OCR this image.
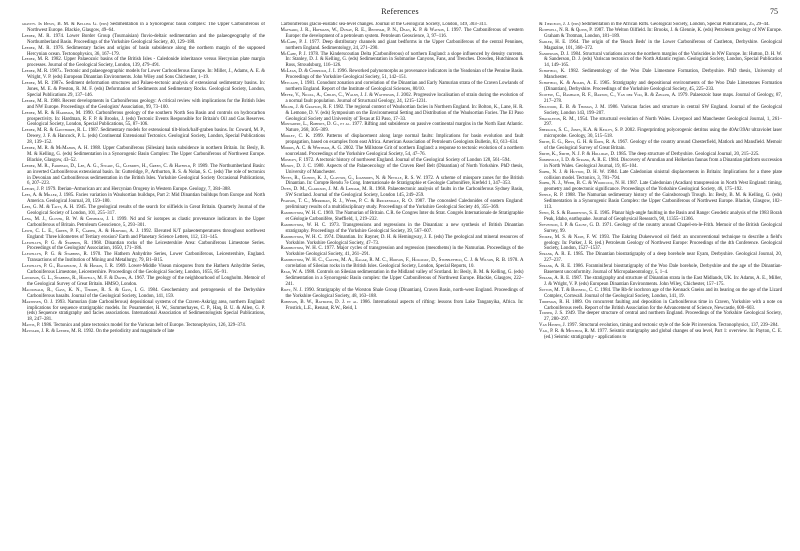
References	75

gravıty. In Besly, B. M. & Kelling G. (eds) Sedimentation in a Synorogenic basin complex: The Upper Carboniferous of Northwest Europe. Blackie, Glasgow, 49–64.

Leeder, M. R. 1974. Lower Border Group (Tournaisian) fluvio-deltaic sedimentation and the palaeogeography of the Northumberland Basin. Proceedings of the Yorkshire Geological Society, 40, 129–180.

Leeder, M. R. 1976. Sedimentary facies and origins of basin subsidence along the northern margin of the supposed Hercynian ocean. Tectonophysics, 36, 167–179.

Leeder, M. R. 1982. Upper Palaeozoic basins of the British Isles - Caledonide inheritance versus Hercynian plate margin processes. Journal of the Geological Society, London, 139, 479–491.

Leeder, M. R. 1987a. Tectonic and palaeogeographic models for Lower Carboniferous Europe. In: Miller, J., Adams, A. E. & Wright, V. P. (eds) European Dinantian Environments. John Wiley and Sons Chichester, 1–19.

Leeder, M. R. 1987b. Sediment deformation structures and Palaeo-tectonic analysis of extensional sedimentary basins. In: Jones, M. E. & Preston, R. M. F. (eds) Deformation of Sediments and Sedimentary Rocks. Geological Society, London, Special Publications 29, 137–146.

Leeder, M. R. 1988. Recent developments in Carboniferous geology: A critical review with implications for the British Isles and NW Europe. Proceedings of the Geologists' Association, 99, 73–100.

Leeder, M. R. & Hardman, M. 1990. Carboniferous geology of the southern North Sea Basin and controls on hydrocarbon prospectivity. In: Hardman, R. F. P. & Brooks, J. (eds) Tectonic Events Responsible for Britain's Oil and Gas Reserves. Geological Society, London, Special Publications, 55, 87–106.

Leeder, M. R. & Gawthorpe, R. L. 1987. Sedimentary models for extensional tilt-block/half-graben basins. In: Coward, M. P., Dewey, J. F. & Hancock, P. L. (eds) Continental Extensional Tectonics. Geological Society, London, Special Publications 28, 139–152.

Leeder, M. R. & McMahon, A. H. 1988. Upper Carboniferous (Silesian) basin subsidence in northern Britain. In: Besly, B. M. & Kelling, G. (eds) Sedimentation in a Synorogenic Basin Complex: The Upper Carboniferous of Northwest Europe. Blackie, Glasgow, 43–52.

Leeder, M. R., Fairhead, D., Lee, A. G., Stuart, G., Clemmey, H., Green, C. & Hatfield, P. 1989. The Northumberland Basin: an inverted Carboniferous extensional basin. In: Gutteridge, P., Arthurton, R. S. & Nolan, S. C. (eds) The role of tectonics in Devonian and Carboniferous sedimentation in the British Isles. Yorkshire Geological Society Occasional Publications, 6, 207–223.

Lefort, J. P. 1979. Iberian–Armorican arc and Hercynian Orogeny in Western Europe. Geology, 7, 384–388.

Lees, A. & Miller, J. 1985. Facies variation in Waulsortian buildups, Part 2: Mid Dinantian buildups from Europe and North America. Geological Journal, 20, 159–180.

Lees, G. M. & Taitt, A. H. 1945. The geological results of the search for oilfields in Great Britain. Quarterly Journal of the Geological Society of London, 101, 255–317.

Leng, M. J., Glover, B. W. & Chisholm, J. I. 1999. Nd and Sr isotopes as clastic provenance indicators in the Upper Carboniferous of Britain. Petroleum Geoscience, 5, 293–301.

Lewis, C. L. E., Green, P. F., Carter, A. & Hurford, A. J. 1992. Elevated K/T palaeotemperatures throughout northwest England: Three kilometres of Tertiary erosion? Earth and Planetary Science Letters, 112, 131–145.

Llewellyn, P. G. & Stabbins, R. 1968. Dinantian rocks of the Leicestershire Area: Carboniferous Limestone Series. Proceedings of the Geologists' Association, 1650, 171–186.

Llewellyn, P. G. & Stabbins, R. 1970. The Hathern Anhydrite Series, Lower Carboniferous, Leicestershire, England. Transactions of the Institution of Mining and Metallurgy, 79, B1–B15.

Llewellyn, P. G., Backhouse, J. & Hoskin, I. R. 1969. Lower-Middle Visean miospores from the Hathern Anhydrite Series, Carboniferous Limestone, Leicestershire. Proceedings of the Geological Society, London, 1655, 85–91.

Lowrison, G. L., Stabbins, R., Howells, M. F. & Davies, A. 1967. The geology of the neighbourhood of Longholm. Memoir of the Geological Survey of Great Britain. HMSO, London.

Macdonald, R., Gass, K. N., Thorpe, R. S. & Gass, I. G. 1984. Geochemistry and petrogenesis of the Derbyshire Carboniferous basalts. Journal of the Geological Society, London, 141, 159.

Martinsen, O. J. 1993. Namurian (late Carboniferous) depositional systems of the Craven-Askrigg area, northern England: implications for sequence stratigraphic models. In: Posamentier, H. W., Summerhayes, C. P., Haq, B. U. & Allen, G. P. (eds) Sequence stratigraphy and facies associations. International Association of Sedimentologists Special Publications, 18, 247–281.

Mattis, P. 1986. Tectonics and plate tectonics model for the Variscan belt of Europe. Tectonophysics, 126, 329–374.

Maynard, J. R. & Leeder, M. R. 1992. On the periodicity and magnitude of late

Carboniferous glacio-eustatic sea-level changes. Journal of the Geological Society, London, 149, 303–311.

Maynard, J. R., Hofmann, W., Dunay, R. E., Bentham, P. N., Dean, K. P. & Watson, I. 1997. The Carboniferous of western Europe: the development of a petroleum system. Petroleum Geoscience, 3, 97–116.

McCabe, P. J. 1977. Deep distributary channels and giant bedforms in the Upper Carboniferous of the central Pennines, northern England. Sedimentology, 24, 271–290.

McCabe, P. J. 1978. The Kinderscoutian Delta (Carboniferous) of northern England: a slope influenced by density currents. In: Stanley, D. J. & Kelling, G. (eds) Sedimentation in Submarine Canyons, Fans, and Trenches. Dowden, Hutchinson & Ross, Stroudsburg, 116–126.

McLean, D. & Chisholm, J. I. 1996. Reworked palynomorphs as provenance indicators in the Yeadonian of the Pennine Basin. Proceedings of the Yorkshire Geological Society, 51, 142–151.

Metcalfe, I. 1981. Conodont zonation and correlation of the Dinantian and Early Namurian strata of the Craven Lowlands of northern England. Report of the Institute of Geological Sciences, 80/10.

Meyer, V., Nicoll, A., Childs, C., Walsh, J. J. & Watterson, J. 2002. Progressive localisation of strain during the evolution of a normal fault population. Journal of Structural Geology, 24, 1215–1231.

Miller, J. & Grayson, R. F. 1982. The regional context of Waulsortian facies in Northern England. In: Bolton, K., Lane, H. R. & Lemone, D. V. (eds) Symposium on the Environmental Setting and Distribution of the Waulsortian Facies. The El Paso Geological Society and University of Texas at El Paso, 17–33.

Montadert, L., Roberts, D. G., et al. 1977. Rifting and subsidence on passive continental margins in the North East Atlantic. Nature, 268, 305–309.

Morley, C. K. 1999. Patterns of displacement along large normal faults: Implications for basin evolution and fault propagation, based on examples from east Africa. American Association of Petroleum Geologists Bulletin, 83, 613–634.

Morris, A. C. & Whitham, A. G. 2002. The Millstone Grit of northern England: a response to tectonic evolution of a northern sourceland. Proceedings of the Yorkshire Geological Society, 54, 47–76.

Moseley, F. 1972. A tectonic history of northwest England. Journal of the Geological Society of London 128, 561–594.

Mundy, D. J. C. 1980. Aspects of the Palaeoecology of the Craven Reef Belt (Dinantian) of North Yorkshire. PhD thesis, University of Manchester.

Neves, R., Gueinn, K. J., Clayton, G., Ioannides, N. & Neville, R. S. W. 1972. A scheme of miospore zones for the British Dinantian. In: Compte Rendu 7e Cong. Internationale de Stratigraphie et Geologie Carbonifère, Krefeld 1, 347–353.

Owen, D. M., Clarkson, J. M. & Leedam, M. R. 1968. Palaeotectonic analysis of faults in the Carboniferous Sydney Basin, SW Scotland. Journal of the Geological Society, London 145, 249–259.

Pearson, T. C., Merriman, R. J., Webb, P. C. & Brickendale, R. O. 1987. The concealed Caledonides of eastern England: preliminary results of a multidisciplinary study. Proceedings of the Yorkshire Geological Society 46, 355–369.

Ramsbottom, W. H. C. 1969. The Namurian of Britain. C.R. 6e Congres Inter du Strat. Congrès Internationale de Stratigraphie et Géologie Carbonifère, Sheffield, 1, 219–232.

Ramsbottom, W. H. C. 1973. Transgressions and regressions in the Dinantian: a new synthesis of British Dinantian stratigraphy. Proceedings of the Yorkshire Geological Society, 39, 567–607.

Ramsbottom, W. H. C. 1974. Dinantian. In: Rayner, D. H. & Hemingway, J. E. (eds) The geological and mineral resources of Yorkshire. Yorkshire Geological Society, 47–73.

Ramsbottom, W. H. C. 1977. Major cycles of transgression and regression (mesothems) in the Namurian. Proceedings of the Yorkshire Geological Society, 41, 261–291.

Ramsbottom, W. H. C., Calver, M. A., Eagar, R. M. C., Hodson, F., Holliday, D., Stubblefield, C. J. & Wilson, R. B. 1978. A correlation of Silesian rocks in the British Isles. Geological Society, London, Special Reports, 10.

Read, W. A. 1988. Controls on Silesian sedimentation in the Midland valley of Scotland. In: Besly, B. M. & Kelling, G. (eds) Sedimentation in a Synorogenic Basin complex: the Upper Carboniferous of Northwest Europe. Blackie, Glasgow, 222–241.

Riley, N. J. 1990. Stratigraphy of the Worston Shale Group (Dinantian), Craven Basin, north-west England. Proceedings of the Yorkshire Geological Society, 48, 163–188.

Robinson, B. W., Raymond, D. J. et al. 1986. International aspects of rifting: lessons from Lake Tanganyika, Africa. In: Frostick, L.E., Renaut, R.W., Reid, I.

& Tiercelin, J. J. (eds) Sedimentation in the African Rifts. Geological Society, London, Special Publications, 25, 29–44.

Rothwell, N. R. & Quinn, P. 1987. The Welton Oilfield. In: Brooks, J. & Glennie, K. (eds) Petroleum geology of NW Europe. Graham & Trotman, London, 181–189.

Sadler, H. E. 1964. The origin of the 'Beach Beds' in the Lower Carboniferous of Castleton, Derbyshire. Geological Magazine, 101, 360–372.

Sanderson, D. J. 1984. Structural variations across the northern margins of the Variscides in NW Europe. In: Hutton, D. H. W. & Sanderson, D. J. (eds) Variscan tectonics of the North Atlantic region. Geological Society, London, Special Publication 14, 149–165.

Schofield, K. 1982. Sedimentology of the Woo Dale Limestone Formation, Derbyshire. PhD thesis, University of Manchester.

Schofield, K. & Adams, A. E. 1985. Stratigraphy and depositional environments of the Woo Dale Limestones Formation (Dinantian), Derbyshire. Proceedings of the Yorkshire Geological Society, 45, 225–233.

Scotese, C., Bambach, R. F., Barton, C., Van der Voo, R. & Ziegler, A. 1979. Palaeozoic base maps. Journal of Geology, 87, 217–278.

Sellwood, E. B. & Thomas, J. M. 1986. Variscan facies and structure in central SW England. Journal of the Geological Society, London 143, 199–207.

Shackleton, R. M., 1954. The structural evolution of North Wales. Liverpool and Manchester Geological Journal, 1, 261–297.

Sherlock, S. C., Jones, K.A. & Kelley, S. P. 2002. Fingerprinting polyorogenic detritus using the 40Ar/39Ar ultraviolet laser microprobe. Geology, 30, 515–518.

Smith, E. G., Rhys, G. H. & Eden, R. A. 1967. Geology of the country around Chesterfield, Matlock and Mansfield. Memoir of the Geological Survey of Great Britain.

Smith, K., Smith, N. J. P. & Holliday, D. 1985. The deep structure of Derbyshire. Geological Journal, 20, 215–225.

Somerville, I. D. & Strank, A. R. E. 1984. Discovery of Arundian and Holkerian faunas from a Dinantian platform succession in North Wales. Geological Journal, 19, 85–104.

Soper, N. J. & Hutton, D. H. W. 1984. Late Caledonian sinistral displacements in Britain: Implications for a three plate collision model. Tectonics, 3, 781–794.

Soper, N. J., Webb, B. C. & Woodcock, N. H. 1987. Late Caledonian (Acadian) transpression in North West England: timing, geometry and geotectonic significance. Proceedings of the Yorkshire Geological Society, 46, 175–192.

Steele, R. P. 1988. The Namurian sedimentary history of the Gainsborough Trough. In: Besly, B. M. & Kelling, G. (eds) Sedimentation in a Synorogenic Basin Complex: the Upper Carboniferous of Northwest Europe. Blackie, Glasgow, 102–113.

Stein, R. S. & Barrientos, S. E. 1985. Planar high-angle faulting in the Basin and Range: Geodetic analysis of the 1983 Borah Peak, Idaho, earthquake. Journal of Geophysical Research, 90, 11355–11366.

Stevenson, I. P. & Gaunt, G. D. 1971. Geology of the country around Chapel-en-le-Frith. Memoir of the British Geological Survey, 99.

Stoker, M. S. & Nash, F. W. 1993. The Eakring Dukeswood oil field: an unconventional technique to describe a field's geology. In: Parker, J. R. (ed.) Petroleum Geology of Northwest Europe: Proceedings of the 4th Conference. Geological Society, London, 1527–1537.

Strank, A. R. E. 1985. The Dinantian biostratigraphy of a deep borehole near Eyam, Derbyshire. Geological Journal, 20, 227–237.

Strank, A. R. E. 1986. Foraminiferal biostratigraphy of the Woo Dale borehole, Derbyshire and the age of the Dinantian-Basement unconformity. Journal of Micropalaeontology, 5, 1–4.

Strank, A. R. E. 1987. The stratigraphy and structure of Dinantian strata in the East Midlands, UK. In: Adams, A. E., Miller, J. & Wright, V. P. (eds) European Dinantian Environments. John Wiley, Chichester, 157–175.

Sutton, M. T. & Bonnell, C. C. 1984. The Rb-Sr isochron age of the Kennack Gneiss and its bearing on the age of the Lizard Complex, Cornwall. Journal of the Geological Society, London, 141, 19.

Tiddeman, R. H. 1889. On concurrent faulting and deposition in Carboniferous time in Craven, Yorkshire with a note on Carboniferous reefs. Report of the British Association for the Advancement of Science, Newcastle, 600–603.

Turner, J. S. 1949. The deeper structure of central and northern England. Proceedings of the Yorkshire Geological Society, 27, 280–297.

Van Hinsen, J. 1997. Structural evolution, timing and tectonic style of the Sole Pit inversion. Tectonophysics, 137, 239–284.

Vail, P. R. & Mitchum, R. M. 1977. Seismic stratigraphy and global changes of sea level, Part 1: overview. In: Payton, C. E. (ed.) Seismic stratigraphy - applications to
